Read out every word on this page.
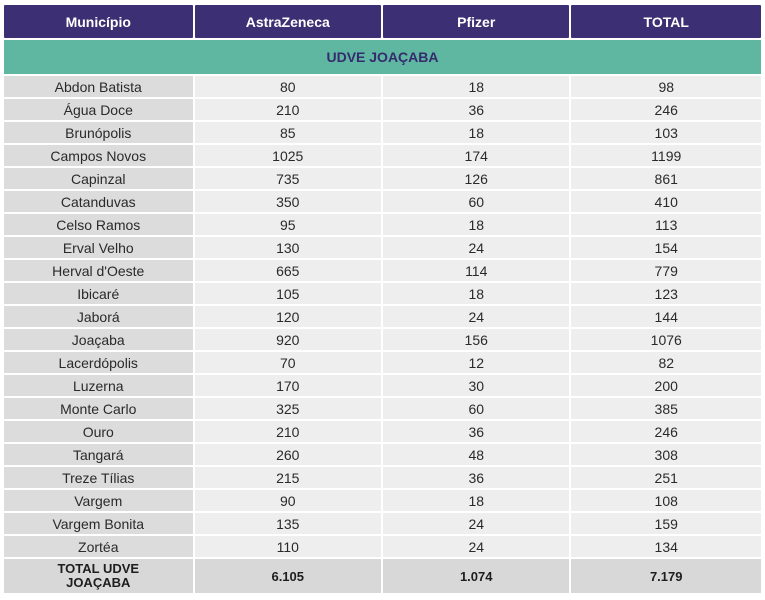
Município	AstraZeneca	Pfizer	TOTAL
UDVE JOAÇABA			
Abdon Batista	80	18	98
Água Doce	210	36	246
Brunópolis	85	18	103
Campos Novos	1025	174	1199
Capinzal	735	126	861
Catanduvas	350	60	410
Celso Ramos	95	18	113
Erval Velho	130	24	154
Herval d'Oeste	665	114	779
Ibicaré	105	18	123
Jaborá	120	24	144
Joaçaba	920	156	1076
Lacerdópolis	70	12	82
Luzerna	170	30	200
Monte Carlo	325	60	385
Ouro	210	36	246
Tangará	260	48	308
Treze Tílias	215	36	251
Vargem	90	18	108
Vargem Bonita	135	24	159
Zortéa	110	24	134
TOTAL UDVE
JOAÇABA	6.105	1.074	7.179
